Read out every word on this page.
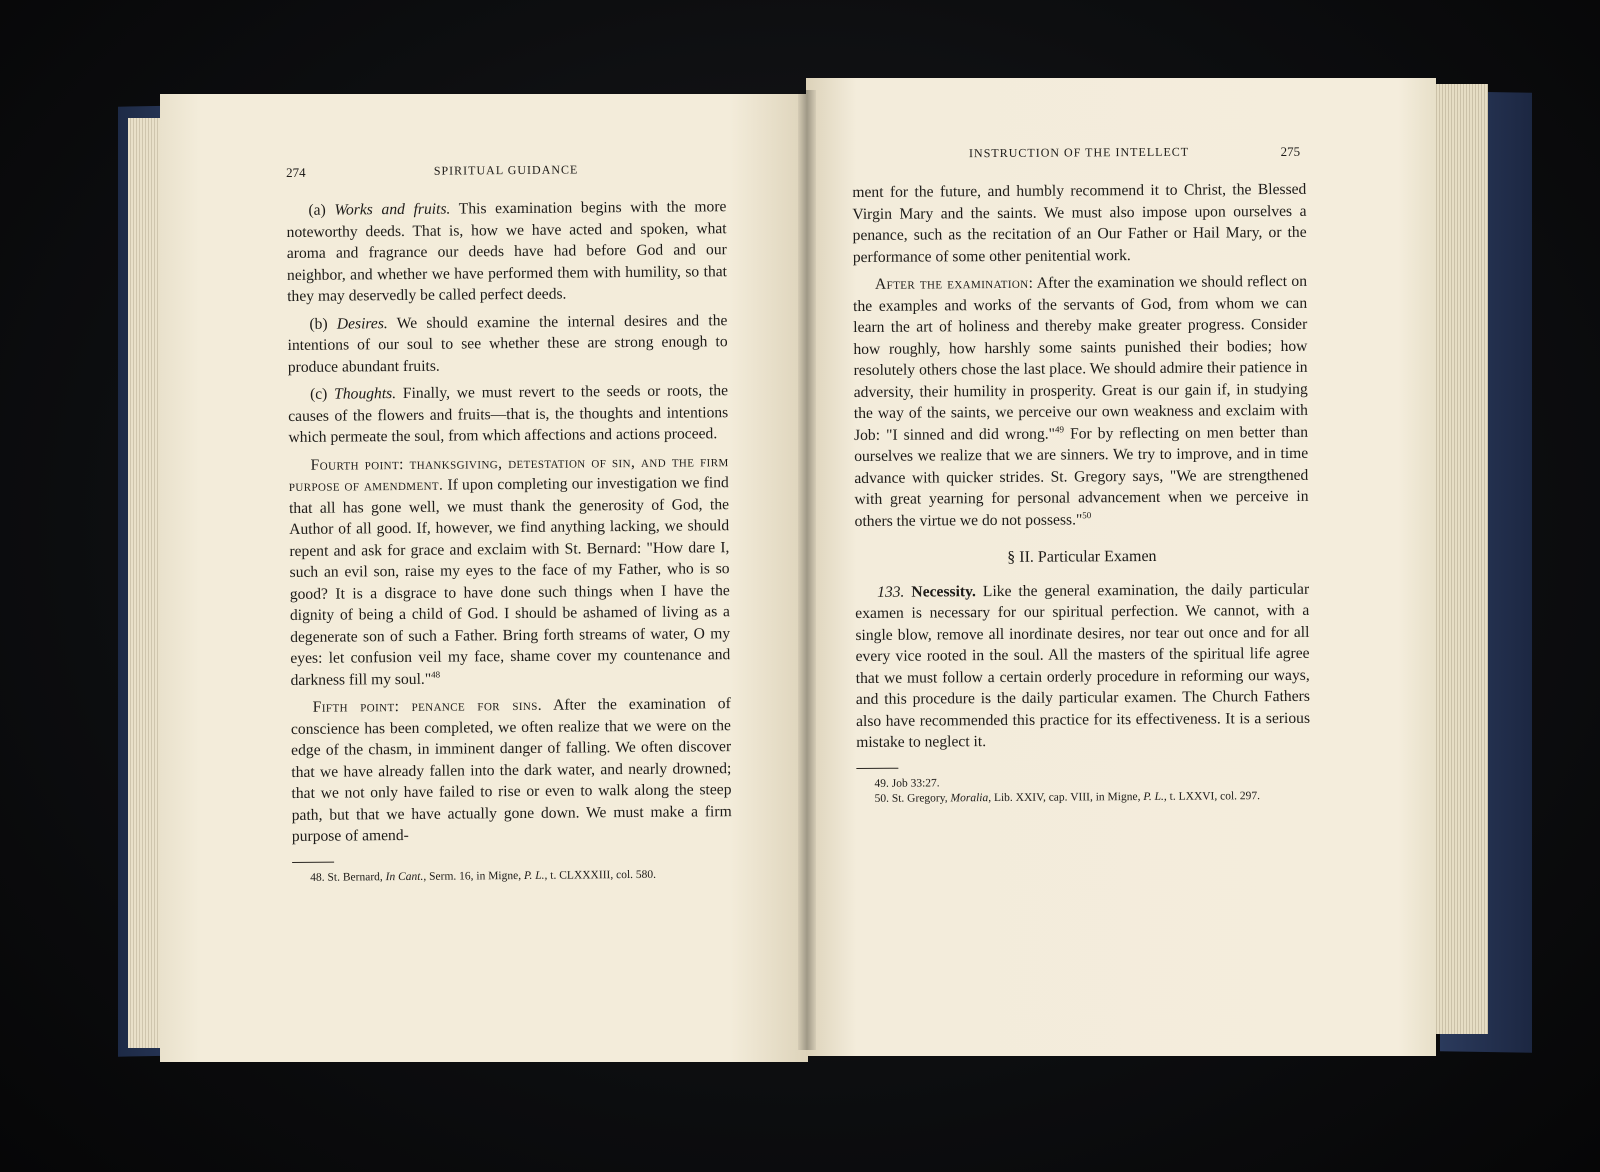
274	SPIRITUAL GUIDANCE

(a) Works and fruits. This examination begins with the more noteworthy deeds. That is, how we have acted and spoken, what aroma and fragrance our deeds have had before God and our neighbor, and whether we have performed them with humility, so that they may deservedly be called perfect deeds.

(b) Desires. We should examine the internal desires and the intentions of our soul to see whether these are strong enough to produce abundant fruits.

(c) Thoughts. Finally, we must revert to the seeds or roots, the causes of the flowers and fruits—that is, the thoughts and intentions which permeate the soul, from which affections and actions proceed.

Fourth point: thanksgiving, detestation of sin, and the firm purpose of amendment. If upon completing our investigation we find that all has gone well, we must thank the generosity of God, the Author of all good. If, however, we find anything lacking, we should repent and ask for grace and exclaim with St. Bernard: "How dare I, such an evil son, raise my eyes to the face of my Father, who is so good? It is a disgrace to have done such things when I have the dignity of being a child of God. I should be ashamed of living as a degenerate son of such a Father. Bring forth streams of water, O my eyes: let confusion veil my face, shame cover my countenance and darkness fill my soul."$^{48}$

Fifth point: penance for sins. After the examination of conscience has been completed, we often realize that we were on the edge of the chasm, in imminent danger of falling. We often discover that we have already fallen into the dark water, and nearly drowned; that we not only have failed to rise or even to walk along the steep path, but that we have actually gone down. We must make a firm purpose of amend-

48. St. Bernard, In Cant., Serm. 16, in Migne, P. L., t. CLXXXIII, col. 580.

INSTRUCTION OF THE INTELLECT	275

ment for the future, and humbly recommend it to Christ, the Blessed Virgin Mary and the saints. We must also impose upon ourselves a penance, such as the recitation of an Our Father or Hail Mary, or the performance of some other penitential work.

After the examination: After the examination we should reflect on the examples and works of the servants of God, from whom we can learn the art of holiness and thereby make greater progress. Consider how roughly, how harshly some saints punished their bodies; how resolutely others chose the last place. We should admire their patience in adversity, their humility in prosperity. Great is our gain if, in studying the way of the saints, we perceive our own weakness and exclaim with Job: "I sinned and did wrong."$^{49}$ For by reflecting on men better than ourselves we realize that we are sinners. We try to improve, and in time advance with quicker strides. St. Gregory says, "We are strengthened with great yearning for personal advancement when we perceive in others the virtue we do not possess."$^{50}$

§ II. Particular Examen

133. Necessity. Like the general examination, the daily particular examen is necessary for our spiritual perfection. We cannot, with a single blow, remove all inordinate desires, nor tear out once and for all every vice rooted in the soul. All the masters of the spiritual life agree that we must follow a certain orderly procedure in reforming our ways, and this procedure is the daily particular examen. The Church Fathers also have recommended this practice for its effectiveness. It is a serious mistake to neglect it.

49. Job 33:27.

50. St. Gregory, Moralia, Lib. XXIV, cap. VIII, in Migne, P. L., t. LXXVI, col. 297.
